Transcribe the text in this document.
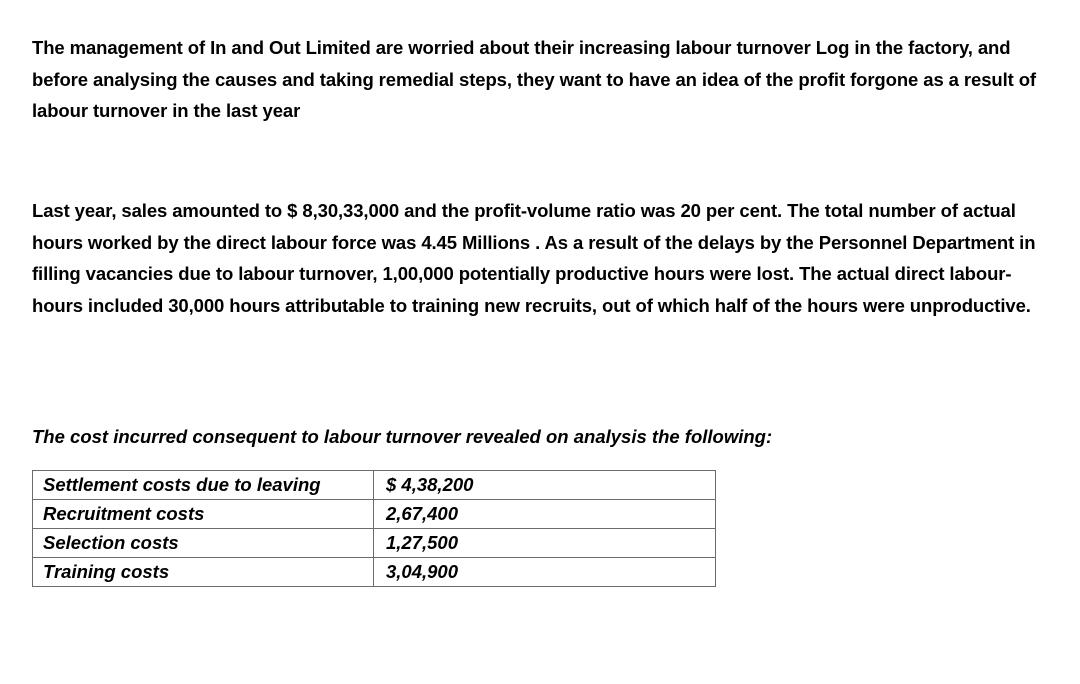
The management of In and Out Limited are worried about their increasing labour turnover Log in the factory, and before analysing the causes and taking remedial steps, they want to have an idea of the profit forgone as a result of labour turnover in the last year

Last year, sales amounted to $ 8,30,33,000 and the profit-volume ratio was 20 per cent. The total number of actual hours worked by the direct labour force was 4.45 Millions . As a result of the delays by the Personnel Department in filling vacancies due to labour turnover, 1,00,000 potentially productive hours were lost. The actual direct labour-hours included 30,000 hours attributable to training new recruits, out of which half of the hours were unproductive.

The cost incurred consequent to labour turnover revealed on analysis the following:

Settlement costs due to leaving	$ 4,38,200
Recruitment costs	2,67,400
Selection costs	1,27,500
Training costs	3,04,900
